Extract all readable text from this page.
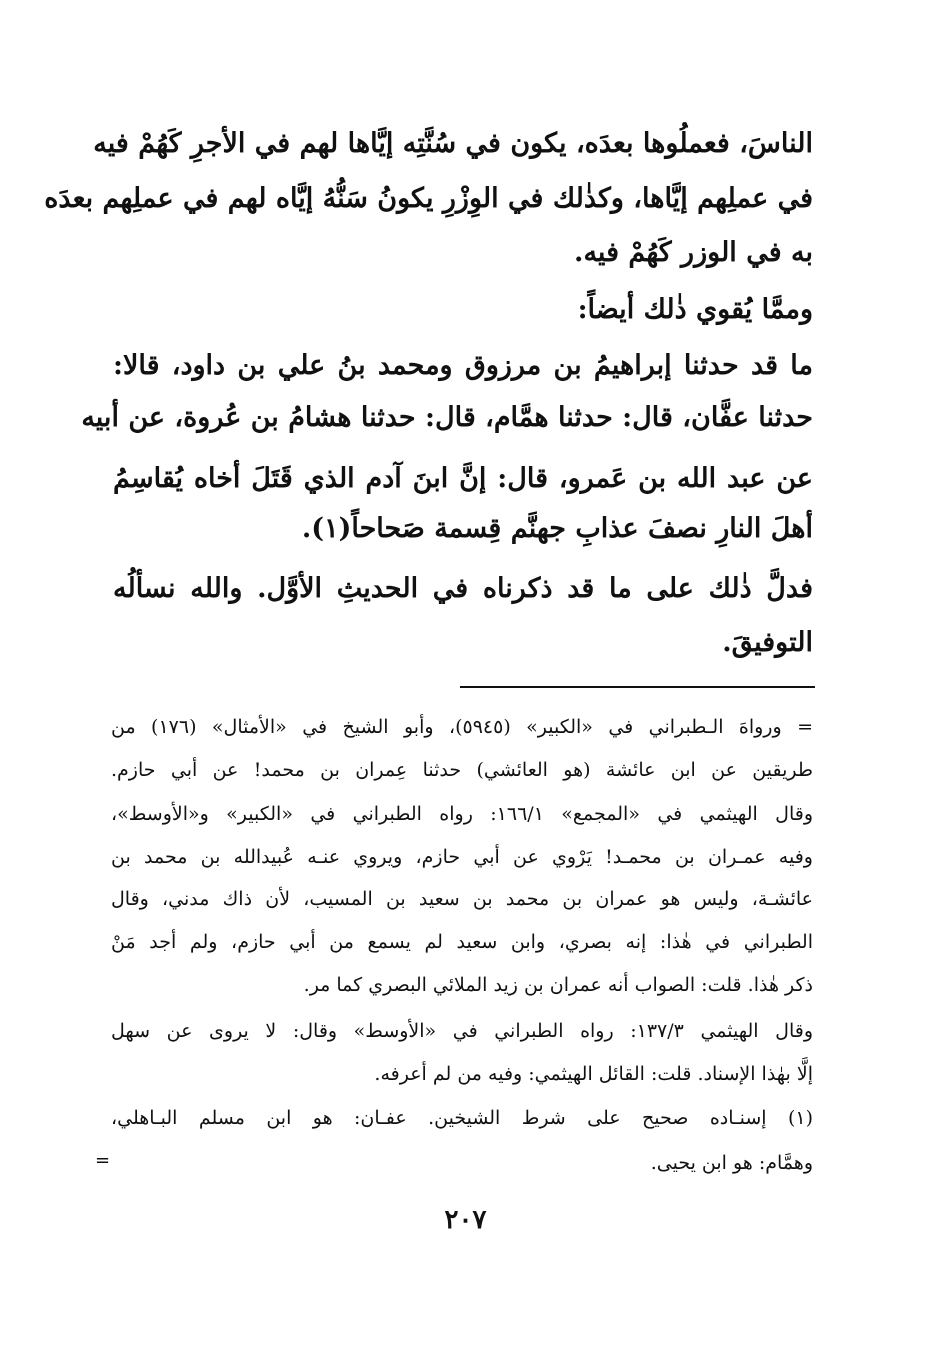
الناسَ، فعملُوها بعدَه، يكون في سُنَّتِه إيَّاها لهم في الأجرِ كَهُمْ فيه
في عملِهم إيَّاها، وكذٰلك في الوِزْرِ يكونُ سَنُّهُ إيَّاه لهم في عملِهم بعدَه
به في الوزر كَهُمْ فيه.
وممَّا يُقوي ذٰلك أيضاً:
ما قد حدثنا إبراهيمُ بن مرزوق ومحمد بنُ علي بن داود، قالا:
حدثنا عفَّان، قال: حدثنا همَّام، قال: حدثنا هشامُ بن عُروة، عن أبيه
عن عبد الله بن عَمرو، قال: إنَّ ابنَ آدم الذي قَتَلَ أخاه يُقاسِمُ
أهلَ النارِ نصفَ عذابِ جهنَّم قِسمة صَحاحاً(١).
فدلَّ ذٰلك على ما قد ذكرناه في الحديثِ الأوَّل. والله نسألُه
التوفيقَ.
= ورواهَ الـطبراني في «الكبير» (٥٩٤٥)، وأبو الشيخ في «الأمثال» (١٧٦) من
طريقين عن ابن عائشة (هو العائشي) حدثنا عِمران بن محمد! عن أبي حازم.
وقال الهيثمي في «المجمع» ١٦٦/١: رواه الطبراني في «الكبير» و«الأوسط»،
وفيه عمـران بن محمـد! يَرْوي عن أبي حازم، ويروي عنـه عُبيدالله بن محمد بن
عائشـة، وليس هو عمران بن محمد بن سعيد بن المسيب، لأن ذاك مدني، وقال
الطبراني في هٰذا: إنه بصري، وابن سعيد لم يسمع من أبي حازم، ولم أجد مَنْ
ذكر هٰذا. قلت: الصواب أنه عمران بن زيد الملائي البصري كما مر.
وقال الهيثمي ١٣٧/٣: رواه الطبراني في «الأوسط» وقال: لا يروى عن سهل
إلَّا بهٰذا الإسناد. قلت: القائل الهيثمي: وفيه من لم أعرفه.
(١) إسنـاده صحيح على شرط الشيخين. عفـان: هو ابن مسلم البـاهلي،
وهمَّام: هو ابن يحيى.
=
٢٠٧
